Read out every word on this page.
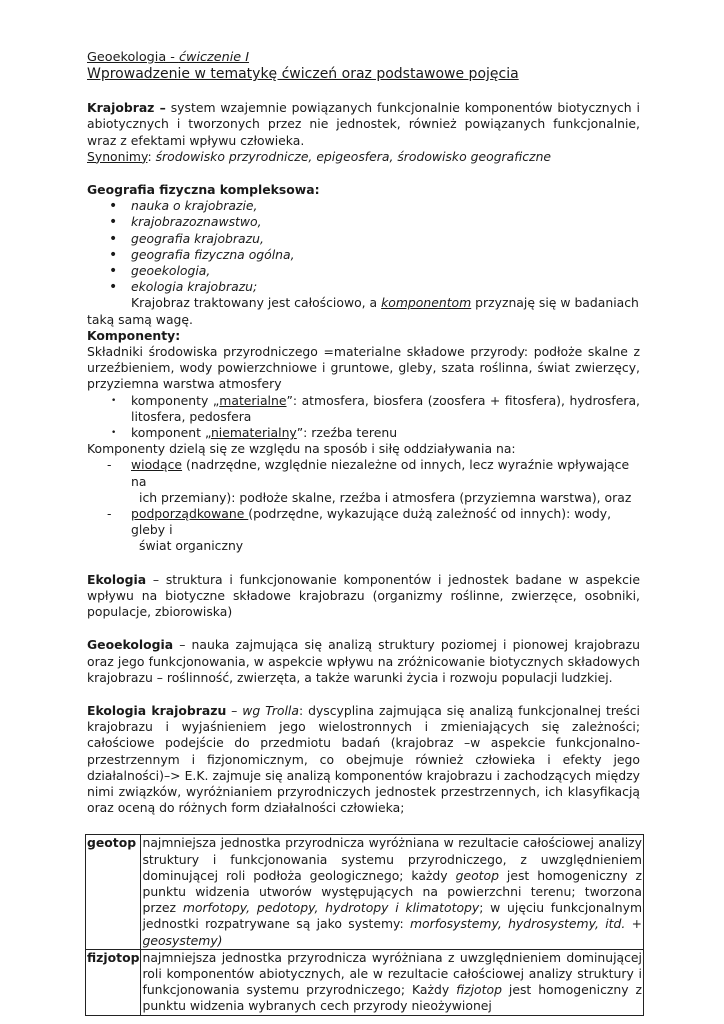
Geoekologia - ćwiczenie I

Wprowadzenie w tematykę ćwiczeń oraz podstawowe pojęcia

Krajobraz – system wzajemnie powiązanych funkcjonalnie komponentów biotycznych i abiotycznych i tworzonych przez nie jednostek, również powiązanych funkcjonalnie, wraz z efektami wpływu człowieka.

Synonimy: środowisko przyrodnicze, epigeosfera, środowisko geograficzne

Geografia fizyczna kompleksowa:

• nauka o krajobrazie,
• krajobrazoznawstwo,
• geografia krajobrazu,
• geografia fizyczna ogólna,
• geoekologia,
• ekologia krajobrazu;

Krajobraz traktowany jest całościowo, a komponentom przyznaję się w badaniach

taką samą wagę.

Komponenty:

Składniki środowiska przyrodniczego =materialne składowe przyrody: podłoże skalne z urzeźbieniem, wody powierzchniowe i gruntowe, gleby, szata roślinna, świat zwierzęcy, przyziemna warstwa atmosfery

• komponenty „materialne”: atmosfera, biosfera (zoosfera + fitosfera), hydrosfera, litosfera, pedosfera
• komponent „niematerialny”: rzeźba terenu

Komponenty dzielą się ze względu na sposób i siłę oddziaływania na:

- wiodące (nadrzędne, względnie niezależne od innych, lecz wyraźnie wpływające na
ich przemiany): podłoże skalne, rzeźba i atmosfera (przyziemna warstwa), oraz
- podporządkowane (podrzędne, wykazujące dużą zależność od innych): wody, gleby i
świat organiczny

Ekologia – struktura i funkcjonowanie komponentów i jednostek badane w aspekcie wpływu na biotyczne składowe krajobrazu (organizmy roślinne, zwierzęce, osobniki, populacje, zbiorowiska)

Geoekologia – nauka zajmująca się analizą struktury poziomej i pionowej krajobrazu oraz jego funkcjonowania, w aspekcie wpływu na zróżnicowanie biotycznych składowych krajobrazu – roślinność, zwierzęta, a także warunki życia i rozwoju populacji ludzkiej.

Ekologia krajobrazu – wg Trolla: dyscyplina zajmująca się analizą funkcjonalnej treści krajobrazu i wyjaśnieniem jego wielostronnych i zmieniających się zależności; całościowe podejście do przedmiotu badań (krajobraz –w aspekcie funkcjonalno-przestrzennym i fizjonomicznym, co obejmuje również człowieka i efekty jego działalności)–> E.K. zajmuje się analizą komponentów krajobrazu i zachodzących między nimi związków, wyróżnianiem przyrodniczych jednostek przestrzennych, ich klasyfikacją oraz oceną do różnych form działalności człowieka;

geotop	najmniejsza jednostka przyrodnicza wyróżniana w rezultacie całościowej analizy struktury i funkcjonowania systemu przyrodniczego, z uwzględnieniem dominującej roli podłoża geologicznego; każdy geotop jest homogeniczny z punktu widzenia utworów występujących na powierzchni terenu; tworzona przez morfotopy, pedotopy, hydrotopy i klimatotopy; w ujęciu funkcjonalnym jednostki rozpatrywane są jako systemy: morfosystemy, hydrosystemy, itd. + geosystemy)
fizjotop	najmniejsza jednostka przyrodnicza wyróżniana z uwzględnieniem dominującej roli komponentów abiotycznych, ale w rezultacie całościowej analizy struktury i funkcjonowania systemu przyrodniczego; Każdy fizjotop jest homogeniczny z punktu widzenia wybranych cech przyrody nieożywionej
